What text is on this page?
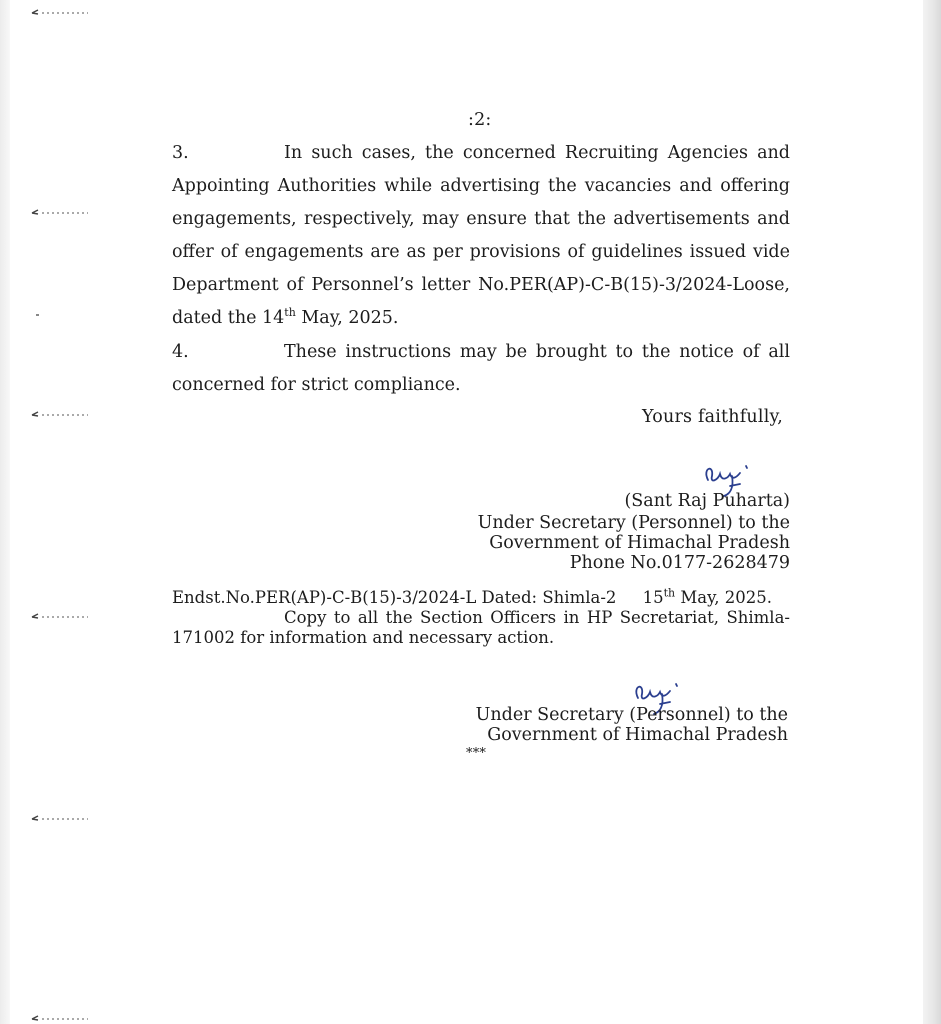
:2:

3.	In such cases, the concerned Recruiting Agencies and Appointing Authorities while advertising the vacancies and offering engagements, respectively, may ensure that the advertisements and offer of engagements are as per provisions of guidelines issued vide Department of Personnel’s letter No.PER(AP)-C-B(15)-3/2024-Loose, dated the 14th May, 2025.

4.	These instructions may be brought to the notice of all concerned for strict compliance.

Yours faithfully,
(Sant Raj Puharta)
Under Secretary (Personnel) to the
Government of Himachal Pradesh
Phone No.0177-2628479
Endst.No.PER(AP)-C-B(15)-3/2024-L Dated: Shimla-2 15th May, 2025.
Copy to all the Section Officers in HP Secretariat, Shimla-171002 for information and necessary action.
Under Secretary (Personnel) to the
Government of Himachal Pradesh
***
